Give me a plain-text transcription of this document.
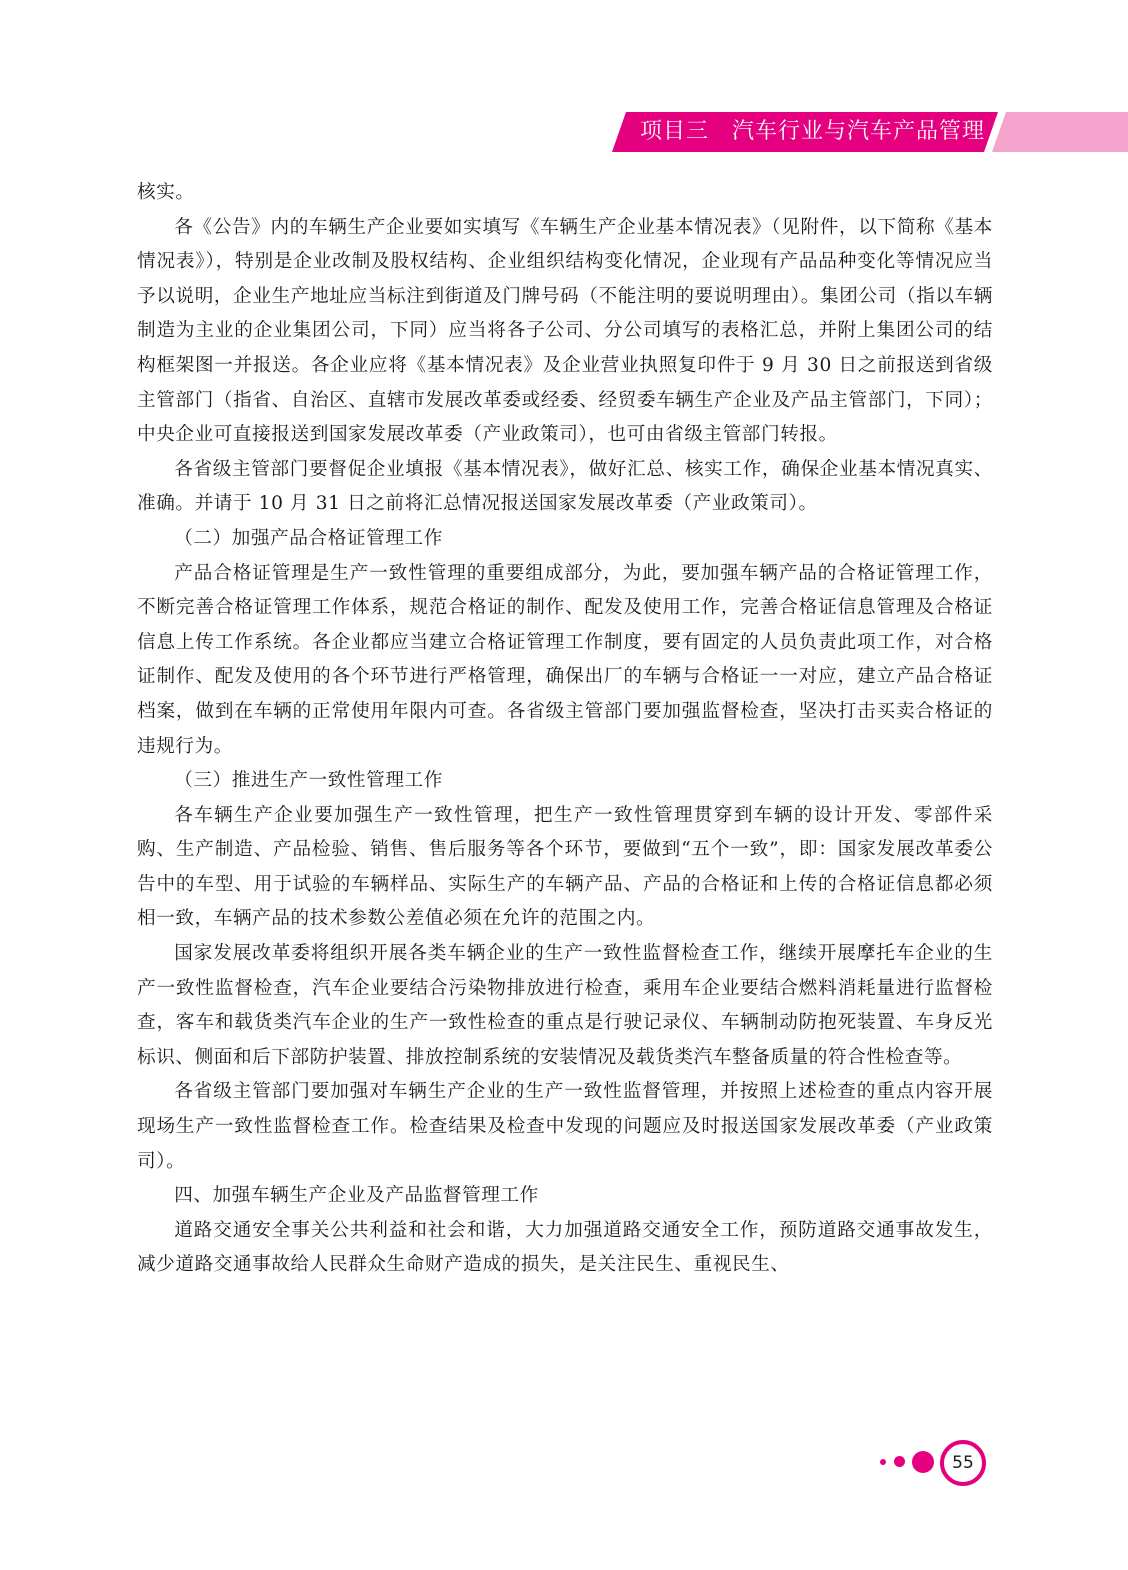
项目三　汽车行业与汽车产品管理

核实。

各《公告》内的车辆生产企业要如实填写《车辆生产企业基本情况表》（见附件，以下简称《基本情况表》），特别是企业改制及股权结构、企业组织结构变化情况，企业现有产品品种变化等情况应当予以说明，企业生产地址应当标注到街道及门牌号码（不能注明的要说明理由）。集团公司（指以车辆制造为主业的企业集团公司，下同）应当将各子公司、分公司填写的表格汇总，并附上集团公司的结构框架图一并报送。各企业应将《基本情况表》及企业营业执照复印件于 9 月 30 日之前报送到省级主管部门（指省、自治区、直辖市发展改革委或经委、经贸委车辆生产企业及产品主管部门，下同）；中央企业可直接报送到国家发展改革委（产业政策司），也可由省级主管部门转报。

各省级主管部门要督促企业填报《基本情况表》，做好汇总、核实工作，确保企业基本情况真实、准确。并请于 10 月 31 日之前将汇总情况报送国家发展改革委（产业政策司）。

（二）加强产品合格证管理工作

产品合格证管理是生产一致性管理的重要组成部分，为此，要加强车辆产品的合格证管理工作，不断完善合格证管理工作体系，规范合格证的制作、配发及使用工作，完善合格证信息管理及合格证信息上传工作系统。各企业都应当建立合格证管理工作制度，要有固定的人员负责此项工作，对合格证制作、配发及使用的各个环节进行严格管理，确保出厂的车辆与合格证一一对应，建立产品合格证档案，做到在车辆的正常使用年限内可查。各省级主管部门要加强监督检查，坚决打击买卖合格证的违规行为。

（三）推进生产一致性管理工作

各车辆生产企业要加强生产一致性管理，把生产一致性管理贯穿到车辆的设计开发、零部件采购、生产制造、产品检验、销售、售后服务等各个环节，要做到“五个一致”，即：国家发展改革委公告中的车型、用于试验的车辆样品、实际生产的车辆产品、产品的合格证和上传的合格证信息都必须相一致，车辆产品的技术参数公差值必须在允许的范围之内。

国家发展改革委将组织开展各类车辆企业的生产一致性监督检查工作，继续开展摩托车企业的生产一致性监督检查，汽车企业要结合污染物排放进行检查，乘用车企业要结合燃料消耗量进行监督检查，客车和载货类汽车企业的生产一致性检查的重点是行驶记录仪、车辆制动防抱死装置、车身反光标识、侧面和后下部防护装置、排放控制系统的安装情况及载货类汽车整备质量的符合性检查等。

各省级主管部门要加强对车辆生产企业的生产一致性监督管理，并按照上述检查的重点内容开展现场生产一致性监督检查工作。检查结果及检查中发现的问题应及时报送国家发展改革委（产业政策司）。

四、加强车辆生产企业及产品监督管理工作

道路交通安全事关公共利益和社会和谐，大力加强道路交通安全工作，预防道路交通事故发生，减少道路交通事故给人民群众生命财产造成的损失，是关注民生、重视民生、

55
